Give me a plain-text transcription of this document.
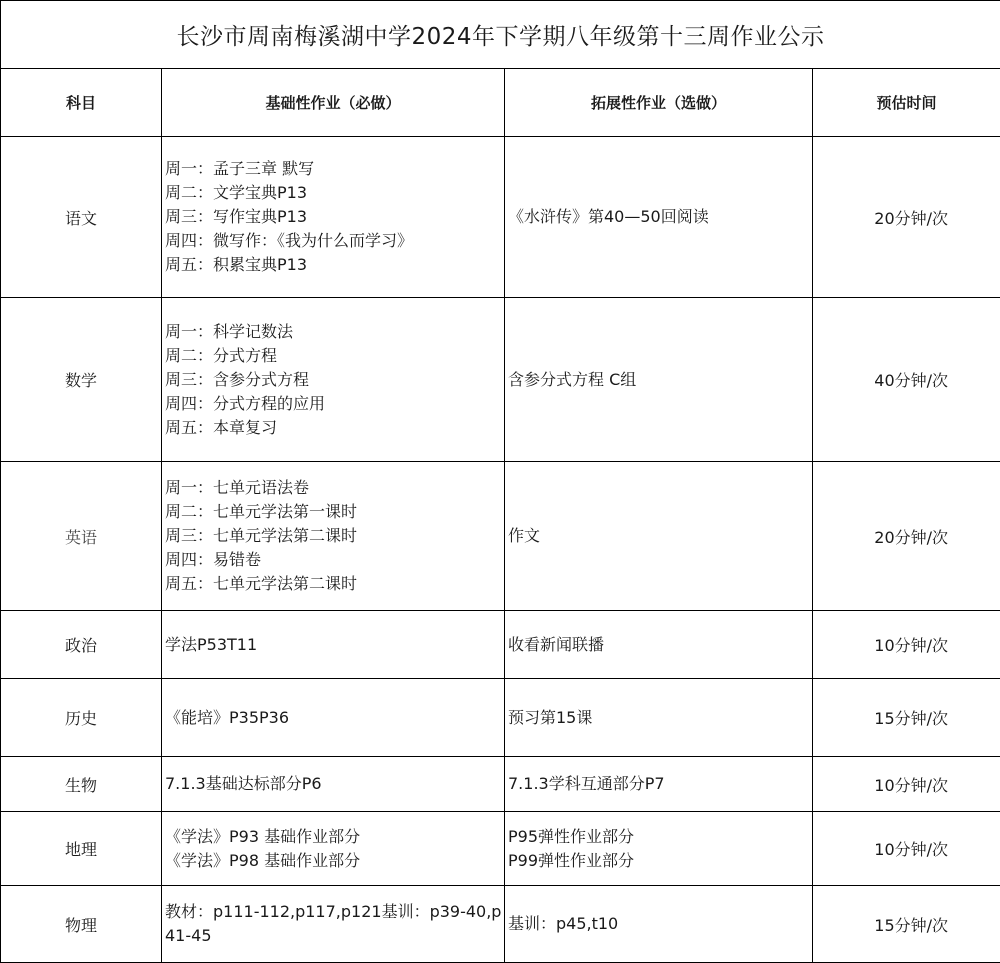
长沙市周南梅溪湖中学2024年下学期八年级第十三周作业公示			
科目	基础性作业（必做）	拓展性作业（选做）	预估时间
语文	周一：孟子三章 默写
周二：文学宝典P13
周三：写作宝典P13
周四：微写作：《我为什么而学习》
周五：积累宝典P13	《水浒传》第40—50回阅读	20分钟/次
数学	周一：科学记数法
周二：分式方程
周三：含参分式方程
周四：分式方程的应用
周五：本章复习	含参分式方程 C组	40分钟/次
英语	周一：七单元语法卷
周二：七单元学法第一课时
周三：七单元学法第二课时
周四：易错卷
周五：七单元学法第二课时	作文	20分钟/次
政治	学法P53T11	收看新闻联播	10分钟/次
历史	《能培》P35P36	预习第15课	15分钟/次
生物	7.1.3基础达标部分P6	7.1.3学科互通部分P7	10分钟/次
地理	《学法》P93 基础作业部分
《学法》P98 基础作业部分	P95弹性作业部分
P99弹性作业部分	10分钟/次
物理	教材：p111-112,p117,p121基训：p39-40,p41-45	基训：p45,t10	15分钟/次
